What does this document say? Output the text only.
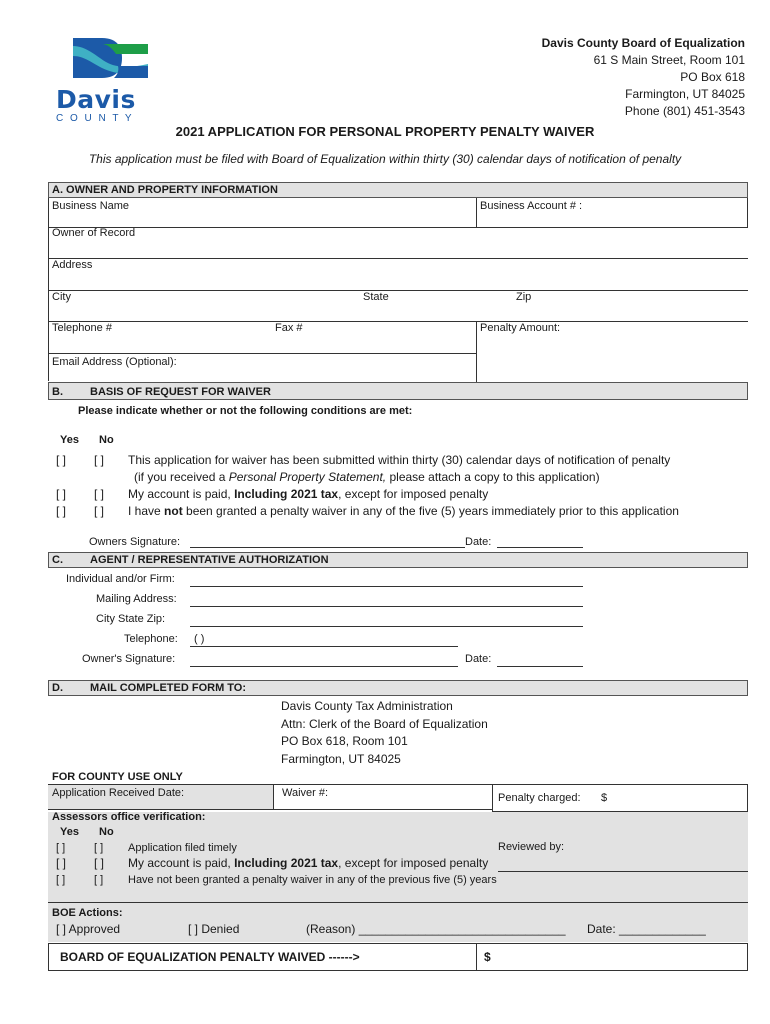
Davis
C O U N T Y
Davis County Board of Equalization
61 S Main Street, Room 101
PO Box 618
Farmington, UT 84025
Phone (801) 451-3543
2021 APPLICATION FOR PERSONAL PROPERTY PENALTY WAIVER
This application must be filed with Board of Equalization within thirty (30) calendar days of notification of penalty
A. OWNER AND PROPERTY INFORMATION
Business Name	Business Account # :
Owner of Record
Address
City	State	Zip
Telephone #	Fax #	Penalty Amount:
Email Address (Optional):
B. BASIS OF REQUEST FOR WAIVER
Please indicate whether or not the following conditions are met:
Yes No
[ ] [ ] This application for waiver has been submitted within thirty (30) calendar days of notification of penalty
(if you received a Personal Property Statement, please attach a copy to this application)
[ ] [ ] My account is paid, Including 2021 tax, except for imposed penalty
[ ] [ ] I have not been granted a penalty waiver in any of the five (5) years immediately prior to this application
Owners Signature:	Date:
C. AGENT / REPRESENTATIVE AUTHORIZATION
Individual and/or Firm:
Mailing Address:
City State Zip:
Telephone: ( )
Owner's Signature:	Date:
D. MAIL COMPLETED FORM TO:
Davis County Tax Administration
Attn: Clerk of the Board of Equalization
PO Box 618, Room 101
Farmington, UT 84025
FOR COUNTY USE ONLY
Application Received Date:	Waiver #:	Penalty charged: $
Assessors office verification:
Yes No
[ ]	[ ] Application filed timely	Reviewed by:
[ ] [ ] My account is paid, Including 2021 tax, except for imposed penalty
[ ]	[ ] Have not been granted a penalty waiver in any of the previous five (5) years
BOE Actions:
[ ] Approved	[ ] Denied	(Reason) _______________________________ Date: _____________
BOARD OF EQUALIZATION PENALTY WAIVED ------>	$
